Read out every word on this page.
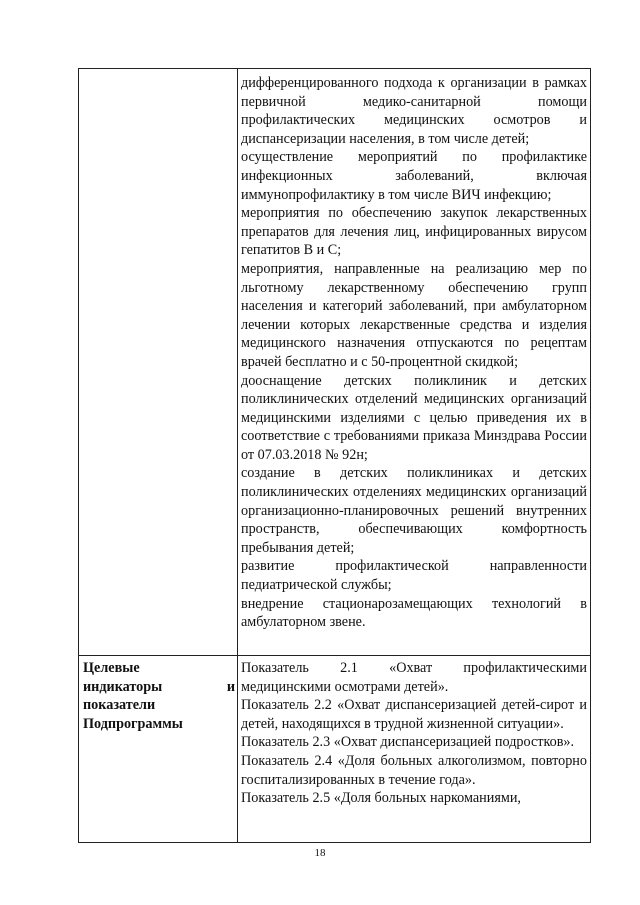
дифференцированного подхода к организации в рамках первичной медико-санитарной помощи профилактических медицинских осмотров и диспансеризации населения, в том числе детей;

осуществление мероприятий по профилактике инфекционных заболеваний, включая иммунопрофилактику в том числе ВИЧ инфекцию;

мероприятия по обеспечению закупок лекарственных препаратов для лечения лиц, инфицированных вирусом гепатитов В и С;

мероприятия, направленные на реализацию мер по льготному лекарственному обеспечению групп населения и категорий заболеваний, при амбулаторном лечении которых лекарственные средства и изделия медицинского назначения отпускаются по рецептам врачей бесплатно и с 50-процентной скидкой;

дооснащение детских поликлиник и детских поликлинических отделений медицинских организаций медицинскими изделиями с целью приведения их в соответствие с требованиями приказа Минздрава России от 07.03.2018 № 92н;

создание в детских поликлиниках и детских поликлинических отделениях медицинских организаций организационно-планировочных решений внутренних пространств, обеспечивающих комфортность пребывания детей;

развитие профилактической направленности педиатрической службы;

внедрение стационарозамещающих технологий в амбулаторном звене.

Целевые
индикаторы	и
показатели
Подпрограммы

Показатель 2.1 «Охват профилактическими медицинскими осмотрами детей».

Показатель 2.2 «Охват диспансеризацией детей-сирот и детей, находящихся в трудной жизненной ситуации».

Показатель 2.3 «Охват диспансеризацией подростков».

Показатель 2.4 «Доля больных алкоголизмом, повторно госпитализированных в течение года».

Показатель 2.5 «Доля больных наркоманиями,

18
